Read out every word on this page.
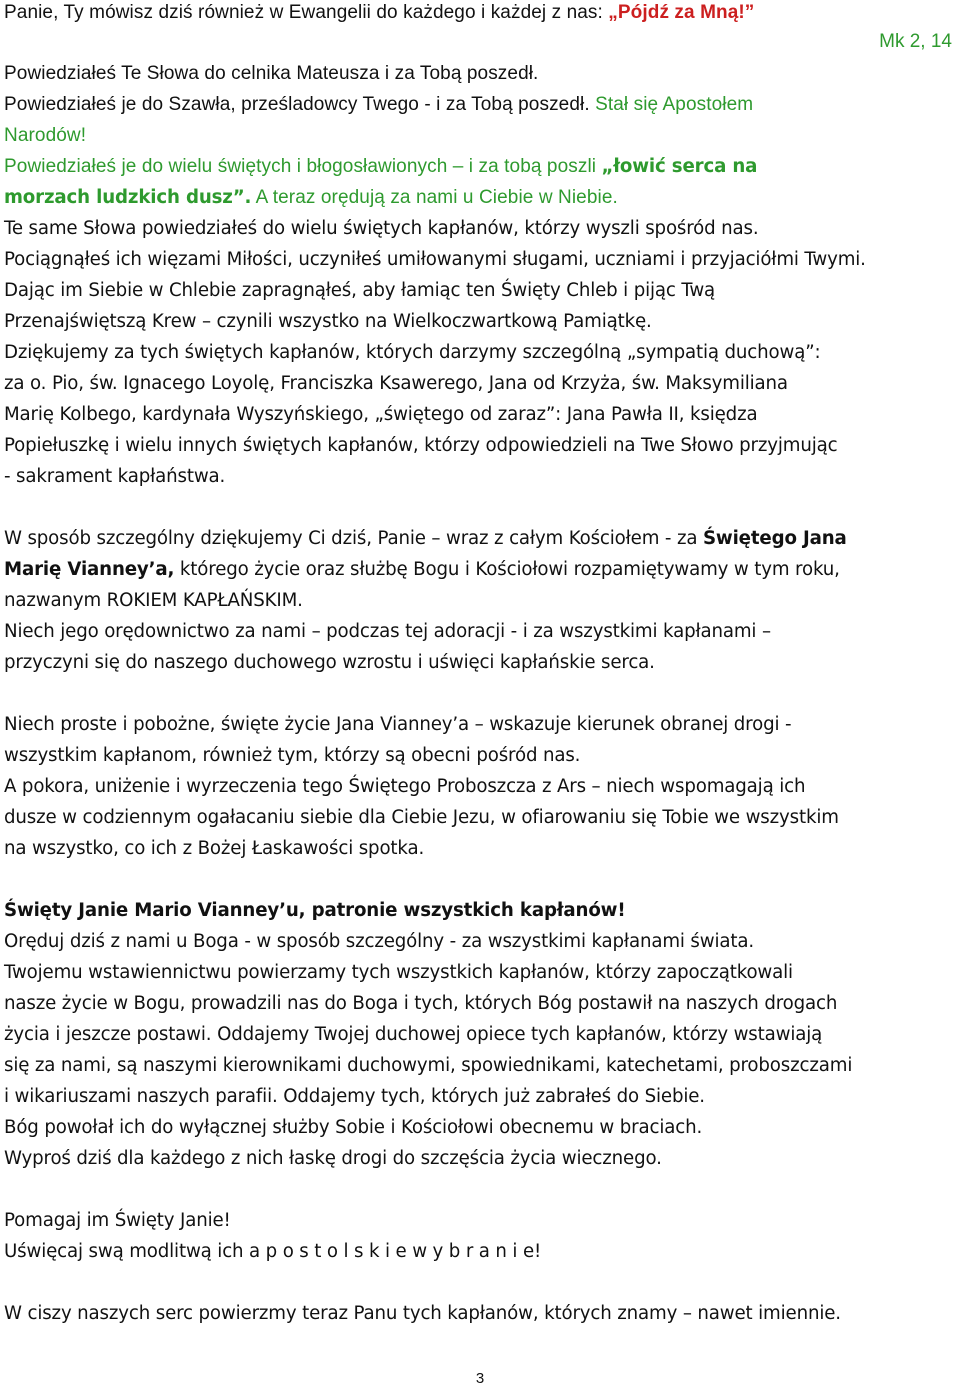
Panie, Ty mówisz dziś również w Ewangelii do każdego i każdej z nas: „Pójdź za Mną!”
Mk 2, 14
Powiedziałeś Te Słowa do celnika Mateusza i za Tobą poszedł.
Powiedziałeś je do Szawła, prześladowcy Twego - i za Tobą poszedł. Stał się Apostołem
Narodów!
Powiedziałeś je do wielu świętych i błogosławionych – i za tobą poszli „łowić serca na
morzach ludzkich dusz”. A teraz orędują za nami u Ciebie w Niebie.
Te same Słowa powiedziałeś do wielu świętych kapłanów, którzy wyszli spośród nas.
Pociągnąłeś ich więzami Miłości, uczyniłeś umiłowanymi sługami, uczniami i przyjaciółmi Twymi.
Dając im Siebie w Chlebie zapragnąłeś, aby łamiąc ten Święty Chleb i pijąc Twą
Przenajświętszą Krew – czynili wszystko na Wielkoczwartkową Pamiątkę.
Dziękujemy za tych świętych kapłanów, których darzymy szczególną „sympatią duchową”:
za o. Pio, św. Ignacego Loyolę, Franciszka Ksawerego, Jana od Krzyża, św. Maksymiliana
Marię Kolbego, kardynała Wyszyńskiego, „świętego od zaraz”: Jana Pawła II, księdza
Popiełuszkę i wielu innych świętych kapłanów, którzy odpowiedzieli na Twe Słowo przyjmując
- sakrament kapłaństwa.
W sposób szczególny dziękujemy Ci dziś, Panie – wraz z całym Kościołem - za Świętego Jana
Marię Vianney’a, którego życie oraz służbę Bogu i Kościołowi rozpamiętywamy w tym roku,
nazwanym ROKIEM KAPŁAŃSKIM.
Niech jego orędownictwo za nami – podczas tej adoracji - i za wszystkimi kapłanami –
przyczyni się do naszego duchowego wzrostu i uświęci kapłańskie serca.
Niech proste i pobożne, święte życie Jana Vianney’a – wskazuje kierunek obranej drogi -
wszystkim kapłanom, również tym, którzy są obecni pośród nas.
A pokora, uniżenie i wyrzeczenia tego Świętego Proboszcza z Ars – niech wspomagają ich
dusze w codziennym ogałacaniu siebie dla Ciebie Jezu, w ofiarowaniu się Tobie we wszystkim
na wszystko, co ich z Bożej Łaskawości spotka.
Święty Janie Mario Vianney’u, patronie wszystkich kapłanów!
Oręduj dziś z nami u Boga - w sposób szczególny - za wszystkimi kapłanami świata.
Twojemu wstawiennictwu powierzamy tych wszystkich kapłanów, którzy zapoczątkowali
nasze życie w Bogu, prowadzili nas do Boga i tych, których Bóg postawił na naszych drogach
życia i jeszcze postawi. Oddajemy Twojej duchowej opiece tych kapłanów, którzy wstawiają
się za nami, są naszymi kierownikami duchowymi, spowiednikami, katechetami, proboszczami
i wikariuszami naszych parafii. Oddajemy tych, których już zabrałeś do Siebie.
Bóg powołał ich do wyłącznej służby Sobie i Kościołowi obecnemu w braciach.
Wyproś dziś dla każdego z nich łaskę drogi do szczęścia życia wiecznego.
Pomagaj im Święty Janie!
Uświęcaj swą modlitwą ich a p o s t o l s k i e w y b r a n i e!
W ciszy naszych serc powierzmy teraz Panu tych kapłanów, których znamy – nawet imiennie.
3
